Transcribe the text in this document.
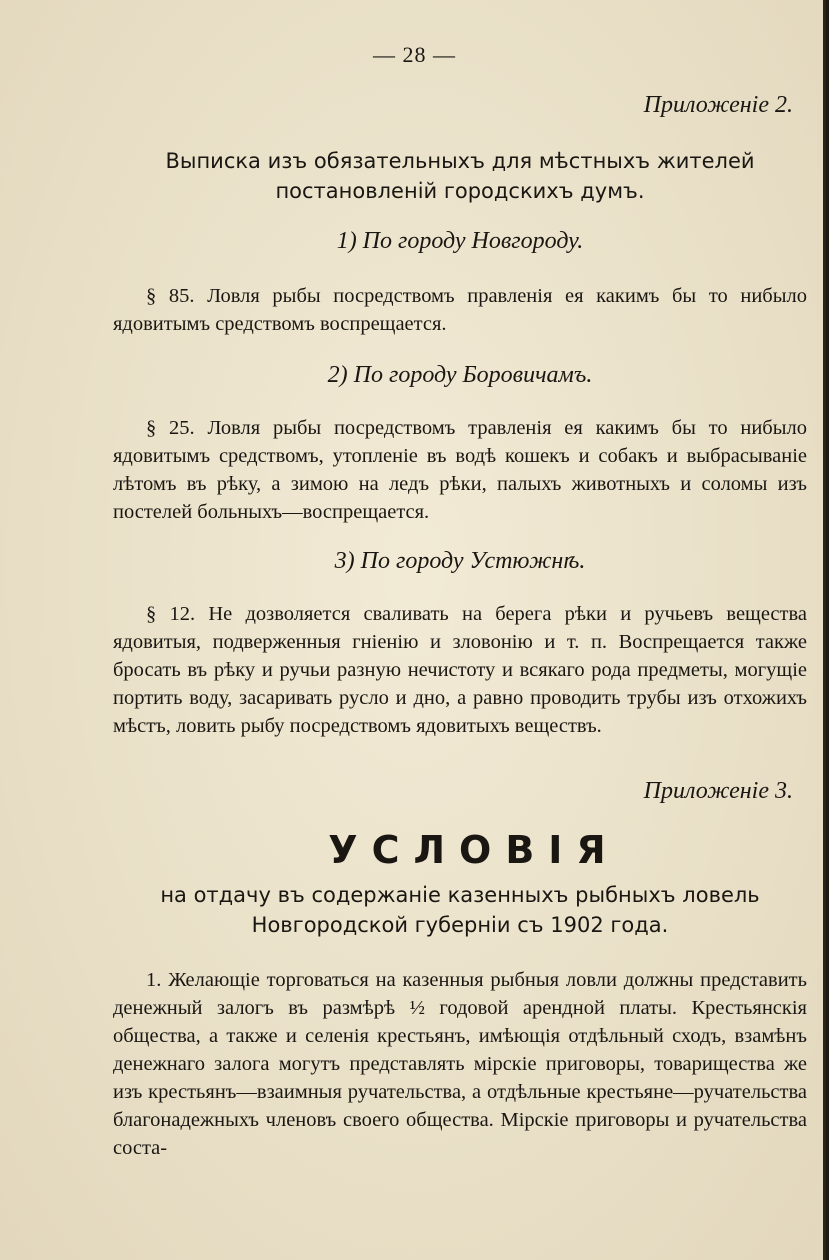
— 28 —
Приложеніе 2.
Выписка изъ обязательныхъ для мѣстныхъ жителей постановленій городскихъ думъ.
1) По городу Новгороду.
§ 85. Ловля рыбы посредствомъ правленія ея какимъ бы то нибыло ядовитымъ средствомъ воспрещается.
2) По городу Боровичамъ.
§ 25. Ловля рыбы посредствомъ травленія ея какимъ бы то нибыло ядовитымъ средствомъ, утопленіе въ водѣ кошекъ и собакъ и выбрасываніе лѣтомъ въ рѣку, а зимою на ледъ рѣки, палыхъ животныхъ и соломы изъ постелей больныхъ—воспрещается.
3) По городу Устюжнѣ.
§ 12. Не дозволяется сваливать на берега рѣки и ручьевъ вещества ядовитыя, подверженныя гніенію и зловонію и т. п. Воспрещается также бросать въ рѣку и ручьи разную нечистоту и всякаго рода предметы, могущіе портить воду, засаривать русло и дно, а равно проводить трубы изъ отхожихъ мѣстъ, ловить рыбу посредствомъ ядовитыхъ веществъ.
Приложеніе 3.
УСЛОВІЯ
на отдачу въ содержаніе казенныхъ рыбныхъ ловель Новгородской губерніи съ 1902 года.
1. Желающіе торговаться на казенныя рыбныя ловли должны представить денежный залогъ въ размѣрѣ ½ годовой арендной платы. Крестьянскія общества, а также и селенія крестьянъ, имѣющія отдѣльный сходъ, взамѣнъ денежнаго залога могутъ представлять мірскіе приговоры, товарищества же изъ крестьянъ—взаимныя ручательства, а отдѣльные крестьяне—ручательства благонадежныхъ членовъ своего общества. Мірскіе приговоры и ручательства соста-
